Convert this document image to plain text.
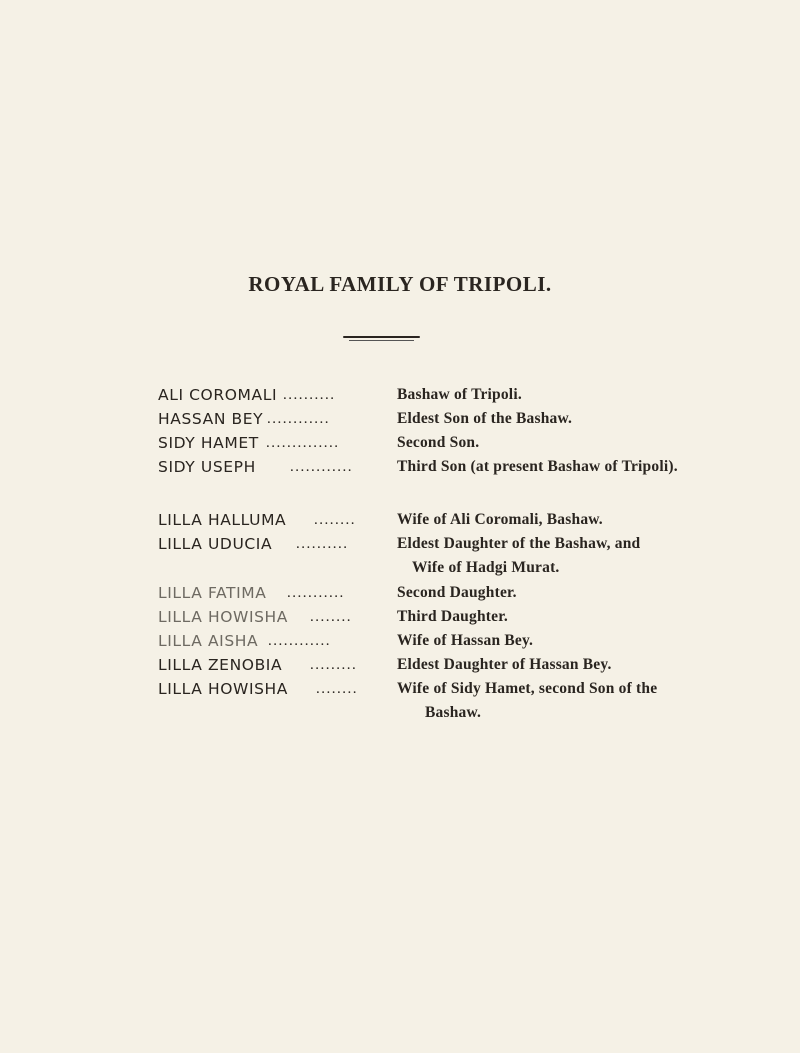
ROYAL FAMILY OF TRIPOLI.
ALI COROMALI ..........	Bashaw of Tripoli.
HASSAN BEY ............	Eldest Son of the Bashaw.
SIDY HAMET ..............	Second Son.
SIDY USEPH ............	Third Son (at present Bashaw of Tripoli).
LILLA HALLUMA ........	Wife of Ali Coromali, Bashaw.
LILLA UDUCIA ..........	Eldest Daughter of the Bashaw, and
Wife of Hadgi Murat.
LILLA FATIMA ...........	Second Daughter.
LILLA HOWISHA ........	Third Daughter.
LILLA AISHA ............	Wife of Hassan Bey.
LILLA ZENOBIA .........	Eldest Daughter of Hassan Bey.
LILLA HOWISHA ........	Wife of Sidy Hamet, second Son of the
Bashaw.
